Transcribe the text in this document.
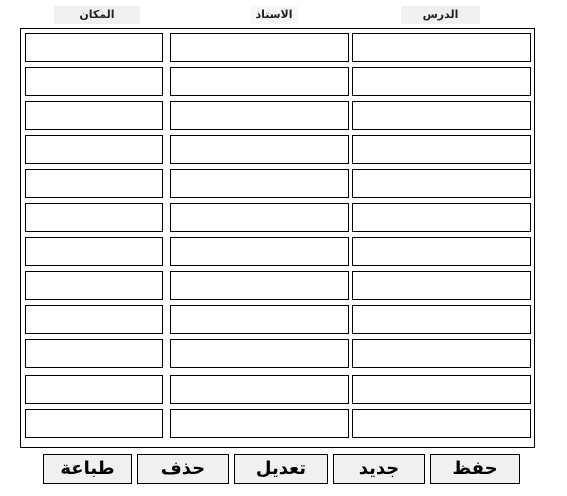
المكان	الاستاذ	الدرس
طباعة	حذف	تعديل	جديد	حفظ
